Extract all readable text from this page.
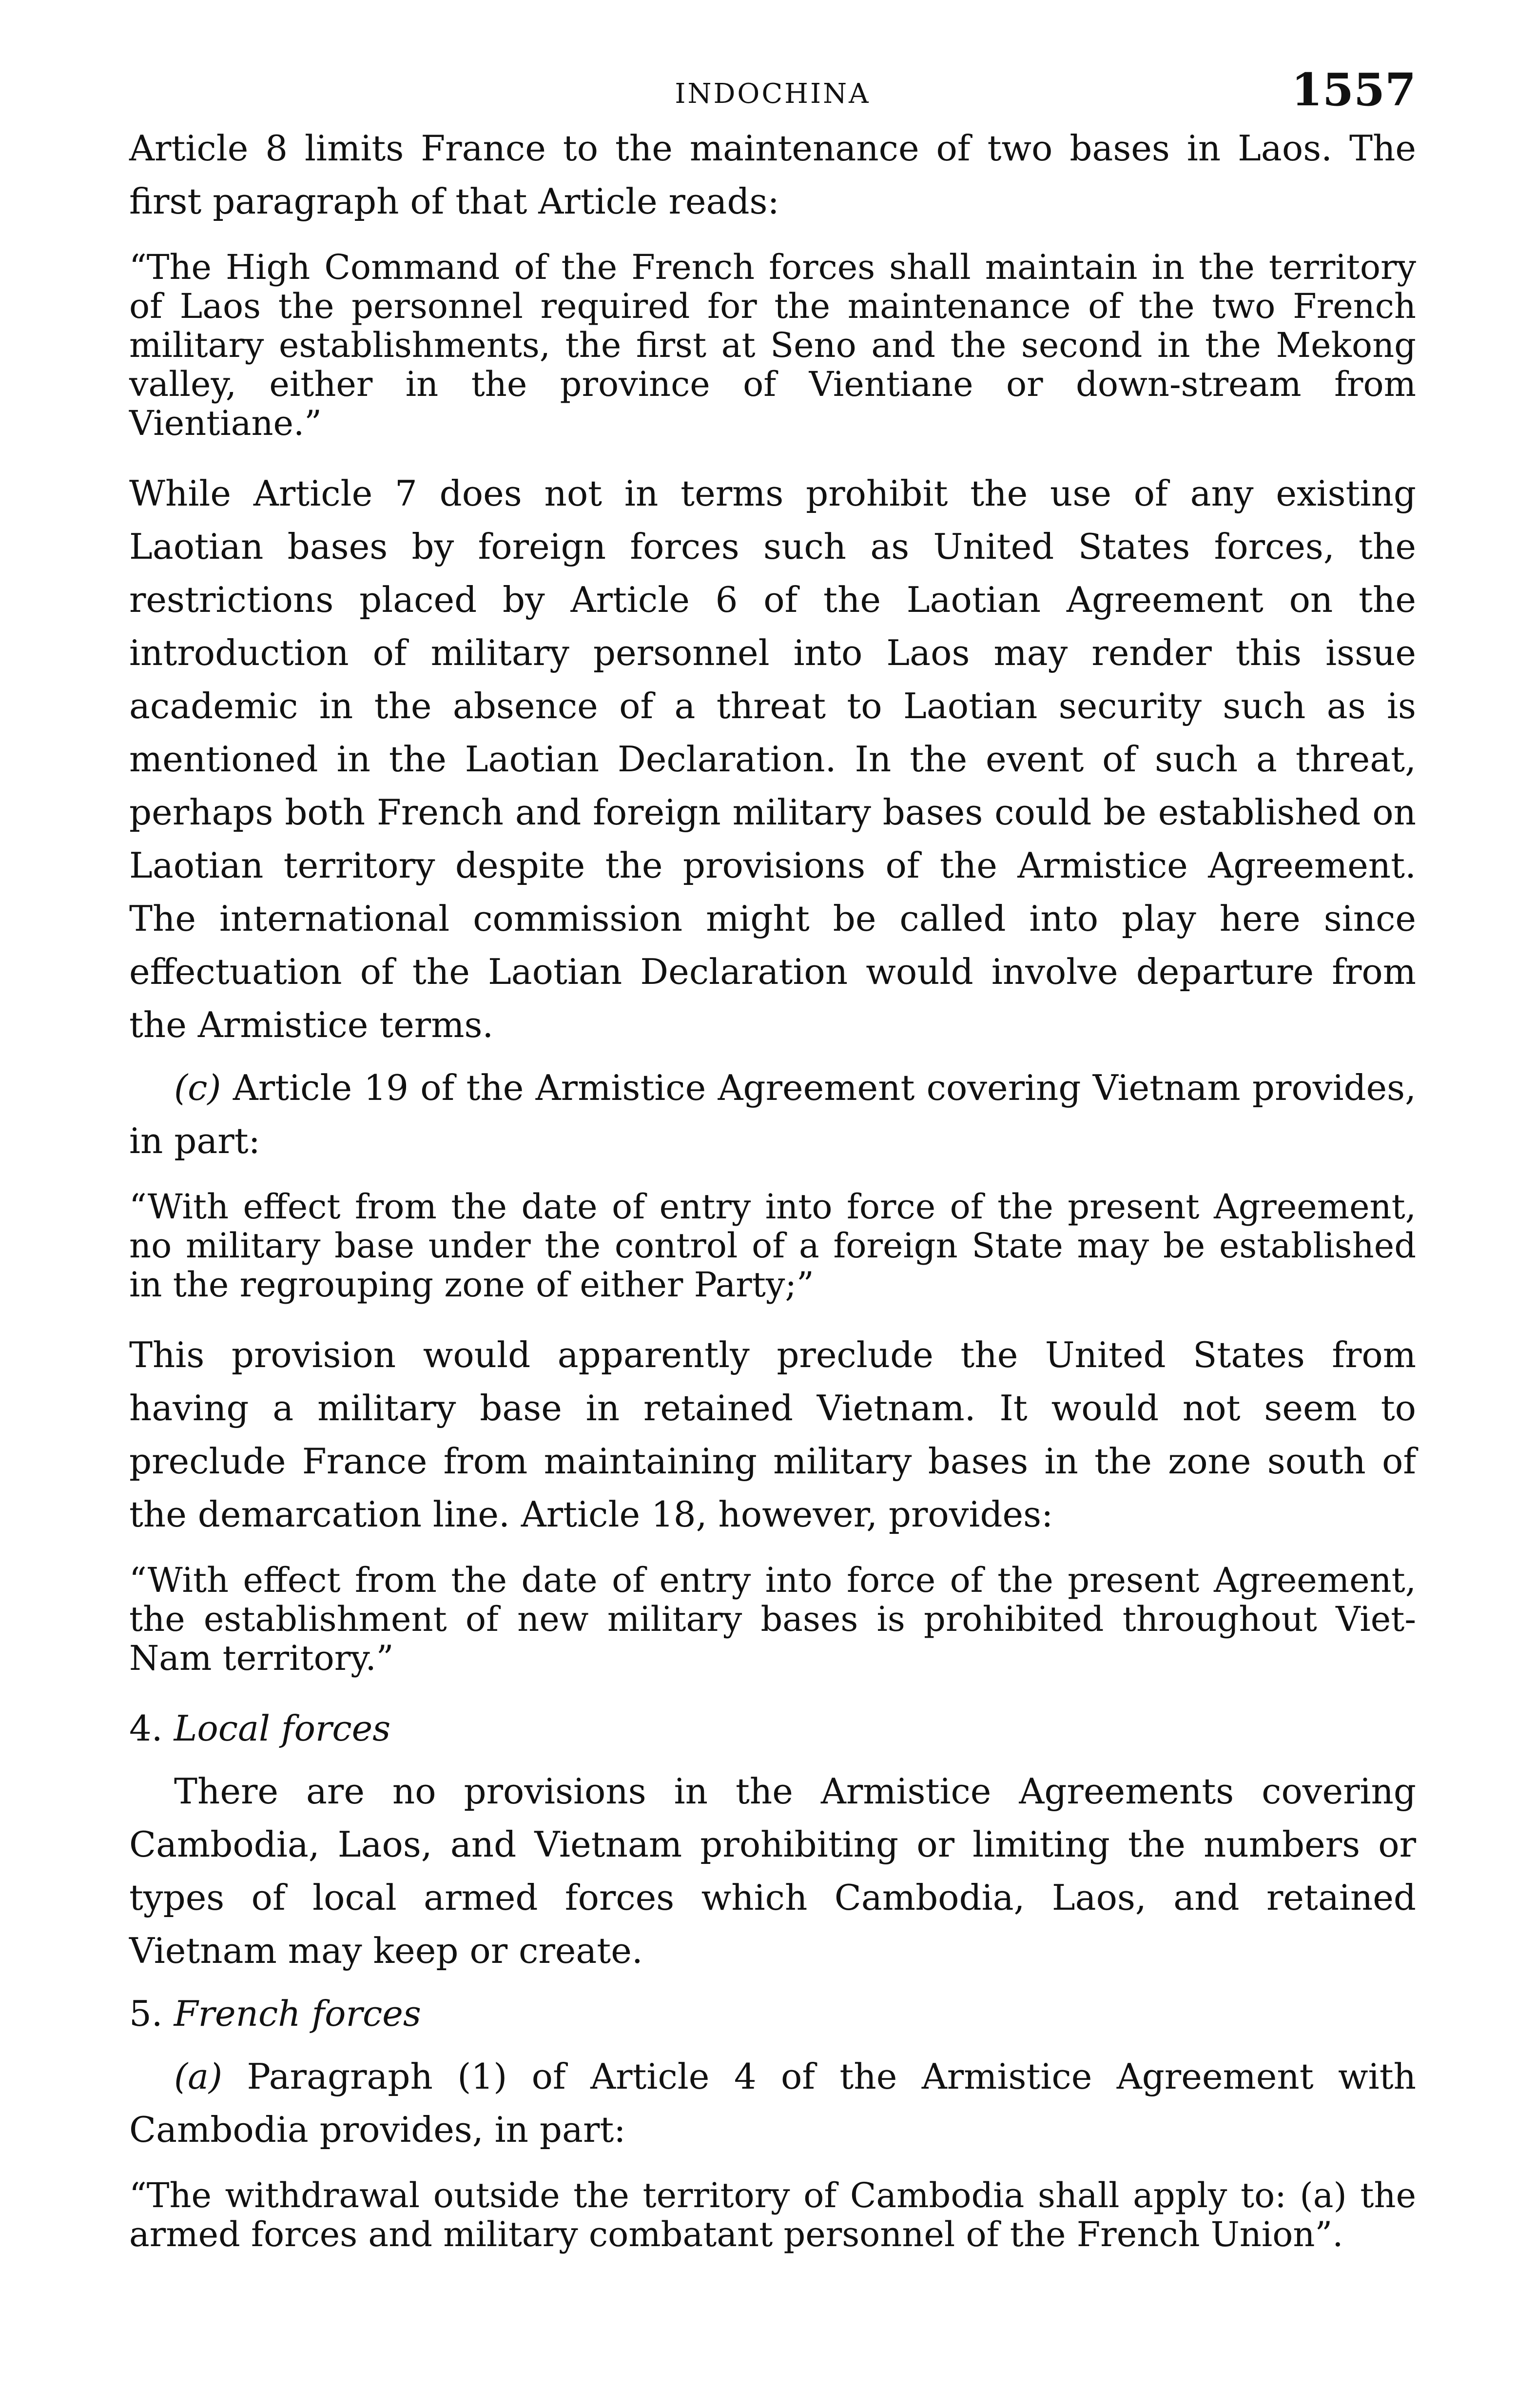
INDOCHINA	1557

Article 8 limits France to the maintenance of two bases in Laos. The first paragraph of that Article reads:

“The High Command of the French forces shall maintain in the territory of Laos the personnel required for the maintenance of the two French military establishments, the first at Seno and the second in the Mekong valley, either in the province of Vientiane or down-stream from Vientiane.”

While Article 7 does not in terms prohibit the use of any existing Laotian bases by foreign forces such as United States forces, the restrictions placed by Article 6 of the Laotian Agreement on the introduction of military personnel into Laos may render this issue academic in the absence of a threat to Laotian security such as is mentioned in the Laotian Declaration. In the event of such a threat, perhaps both French and foreign military bases could be established on Laotian territory despite the provisions of the Armistice Agreement. The international commission might be called into play here since effectuation of the Laotian Declaration would involve departure from the Armistice terms.

(c) Article 19 of the Armistice Agreement covering Vietnam provides, in part:

“With effect from the date of entry into force of the present Agreement, no military base under the control of a foreign State may be established in the regrouping zone of either Party;”

This provision would apparently preclude the United States from having a military base in retained Vietnam. It would not seem to preclude France from maintaining military bases in the zone south of the demarcation line. Article 18, however, provides:

“With effect from the date of entry into force of the present Agreement, the establishment of new military bases is prohibited throughout Viet-Nam territory.”

4. Local forces

There are no provisions in the Armistice Agreements covering Cambodia, Laos, and Vietnam prohibiting or limiting the numbers or types of local armed forces which Cambodia, Laos, and retained Vietnam may keep or create.

5. French forces

(a) Paragraph (1) of Article 4 of the Armistice Agreement with Cambodia provides, in part:

“The withdrawal outside the territory of Cambodia shall apply to: (a) the armed forces and military combatant personnel of the French Union”.
